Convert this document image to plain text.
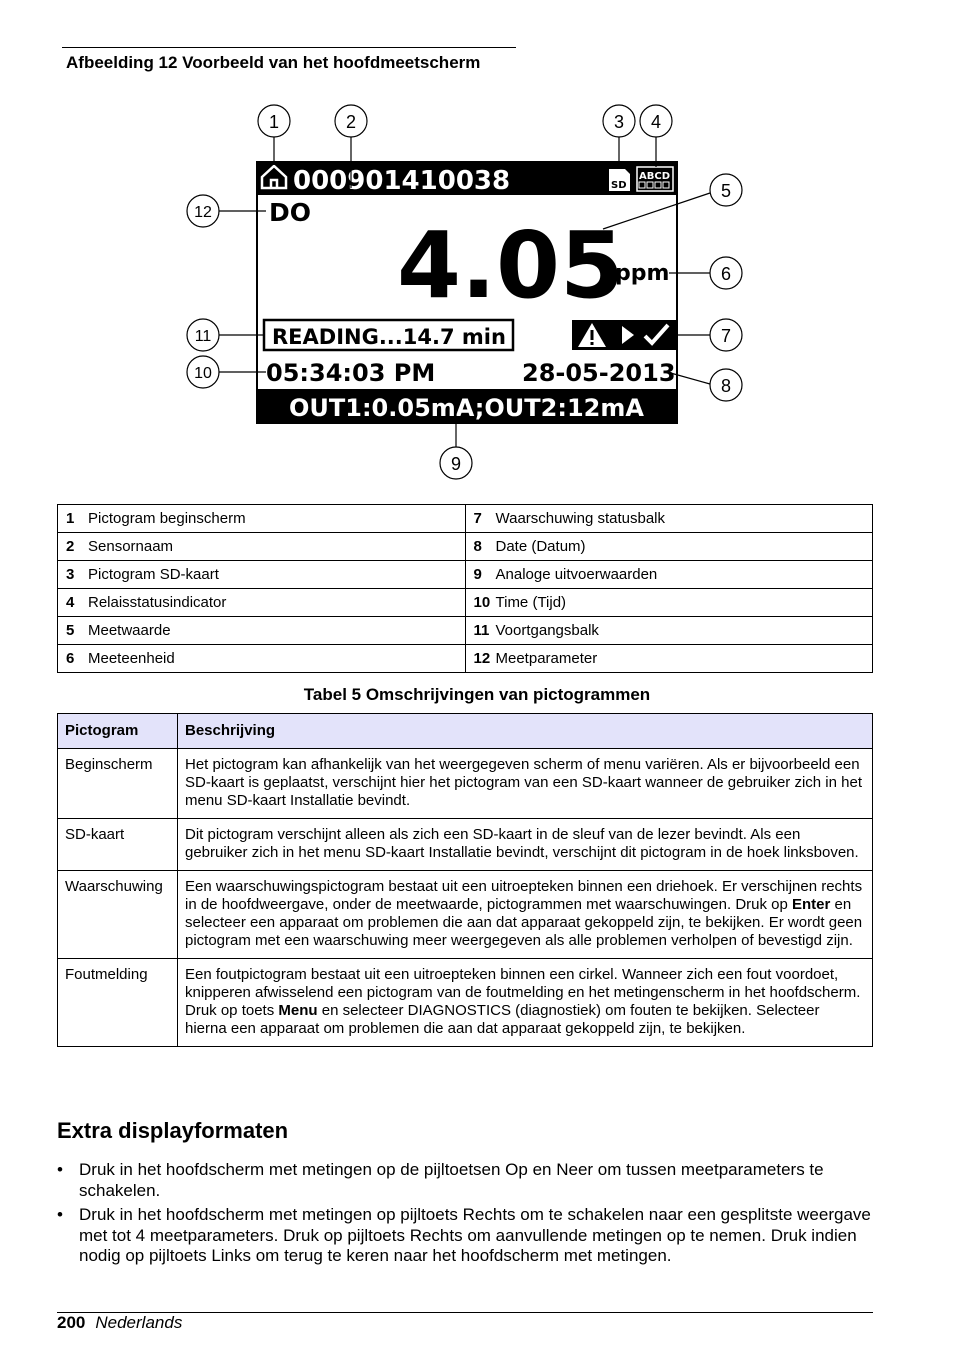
Afbeelding 12 Voorbeeld van het hoofdmeetscherm
000901410038	SD
ABCD
DO 4.05
ppm
READING...14.7 min
05:34:03 PM	28-05-2013
OUT1:0.05mA;OUT2:12mA
1	2	3 4
5
6
7
8
9
10
11
12
1 Pictogram beginscherm	7 Waarschuwing statusbalk
2 Sensornaam	8 Date (Datum)
3 Pictogram SD-kaart	9 Analoge uitvoerwaarden
4 Relaisstatusindicator	10 Time (Tijd)
5 Meetwaarde	11 Voortgangsbalk
6 Meeteenheid	12 Meetparameter
Tabel 5 Omschrijvingen van pictogrammen
Pictogram	Beschrijving
Beginscherm	Het pictogram kan afhankelijk van het weergegeven scherm of menu variëren. Als er bijvoorbeeld een SD-kaart is geplaatst, verschijnt hier het pictogram van een SD-kaart wanneer de gebruiker zich in het menu SD-kaart Installatie bevindt.
SD-kaart	Dit pictogram verschijnt alleen als zich een SD-kaart in de sleuf van de lezer bevindt. Als een gebruiker zich in het menu SD-kaart Installatie bevindt, verschijnt dit pictogram in de hoek linksboven.
Waarschuwing	Een waarschuwingspictogram bestaat uit een uitroepteken binnen een driehoek. Er verschijnen rechts in de hoofdweergave, onder de meetwaarde, pictogrammen met waarschuwingen. Druk op Enter en selecteer een apparaat om problemen die aan dat apparaat gekoppeld zijn, te bekijken. Er wordt geen pictogram met een waarschuwing meer weergegeven als alle problemen verholpen of bevestigd zijn.
Foutmelding	Een foutpictogram bestaat uit een uitroepteken binnen een cirkel. Wanneer zich een fout voordoet, knipperen afwisselend een pictogram van de foutmelding en het metingenscherm in het hoofdscherm. Druk op toets Menu en selecteer DIAGNOSTICS (diagnostiek) om fouten te bekijken. Selecteer hierna een apparaat om problemen die aan dat apparaat gekoppeld zijn, te bekijken.
Extra displayformaten
• Druk in het hoofdscherm met metingen op de pijltoetsen Op en Neer om tussen meetparameters te schakelen.
• Druk in het hoofdscherm met metingen op pijltoets Rechts om te schakelen naar een gesplitste weergave met tot 4 meetparameters. Druk op pijltoets Rechts om aanvullende metingen op te nemen. Druk indien nodig op pijltoets Links om terug te keren naar het hoofdscherm met metingen.
200 Nederlands
